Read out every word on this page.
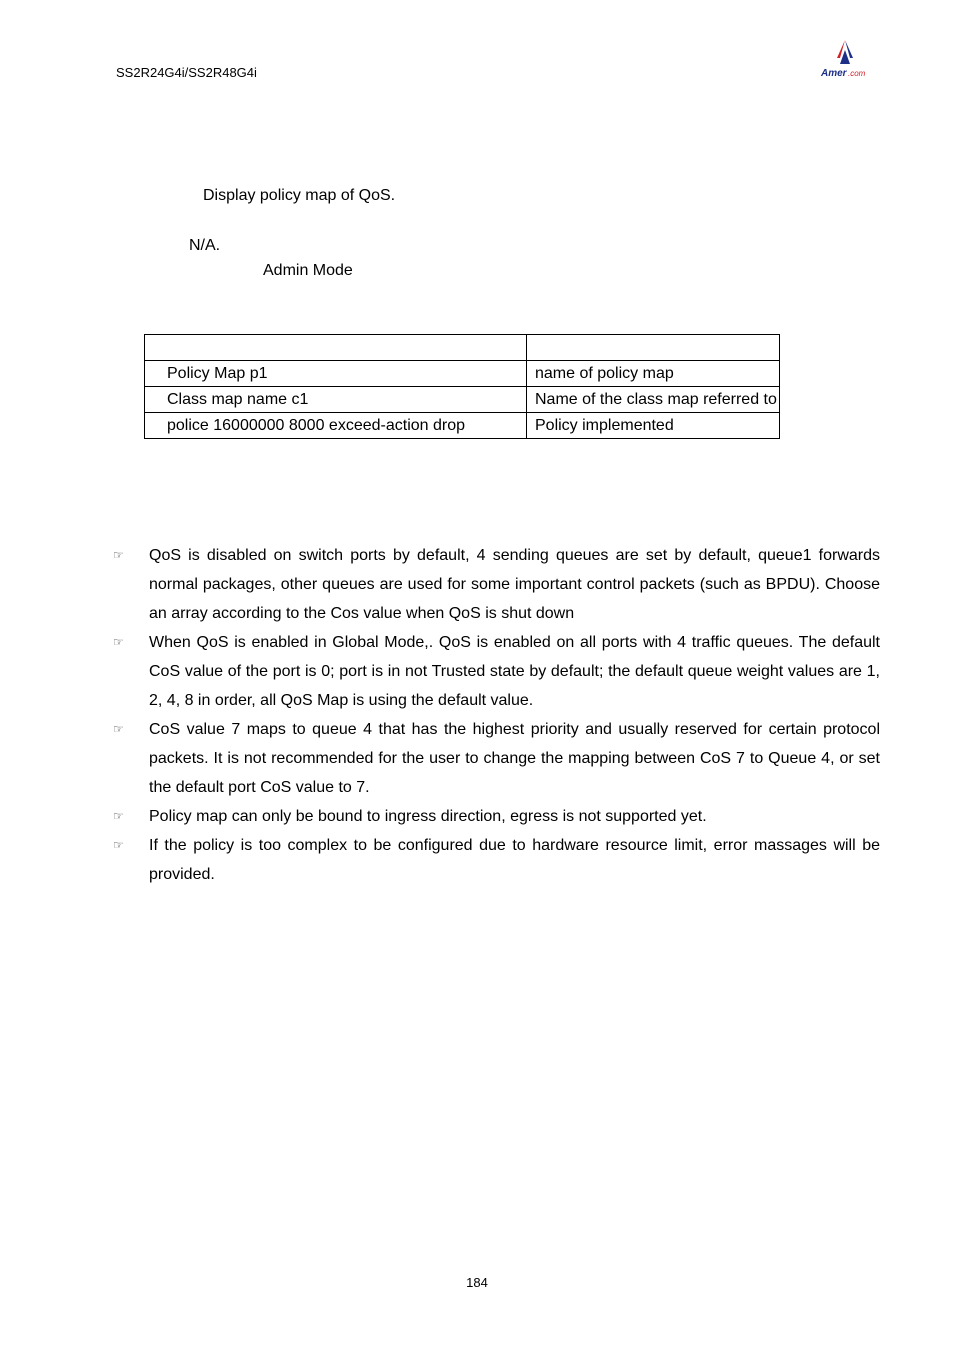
SS2R24G4i/SS2R48G4i	Amer .com
Display policy map of QoS.
N/A.
Admin Mode

Policy Map p1	name of policy map
Class map name c1	Name of the class map referred to
police 16000000 8000 exceed-action drop	Policy implemented
☞	QoS is disabled on switch ports by default, 4 sending queues are set by default, queue1 forwards normal packages, other queues are used for some important control packets (such as BPDU). Choose an array according to the Cos value when QoS is shut down
☞	When QoS is enabled in Global Mode,. QoS is enabled on all ports with 4 traffic queues. The default CoS value of the port is 0; port is in not Trusted state by default; the default queue weight values are 1, 2, 4, 8 in order, all QoS Map is using the default value.
☞	CoS value 7 maps to queue 4 that has the highest priority and usually reserved for certain protocol packets. It is not recommended for the user to change the mapping between CoS 7 to Queue 4, or set the default port CoS value to 7.
☞	Policy map can only be bound to ingress direction, egress is not supported yet.
☞	If the policy is too complex to be configured due to hardware resource limit, error massages will be provided.
184
